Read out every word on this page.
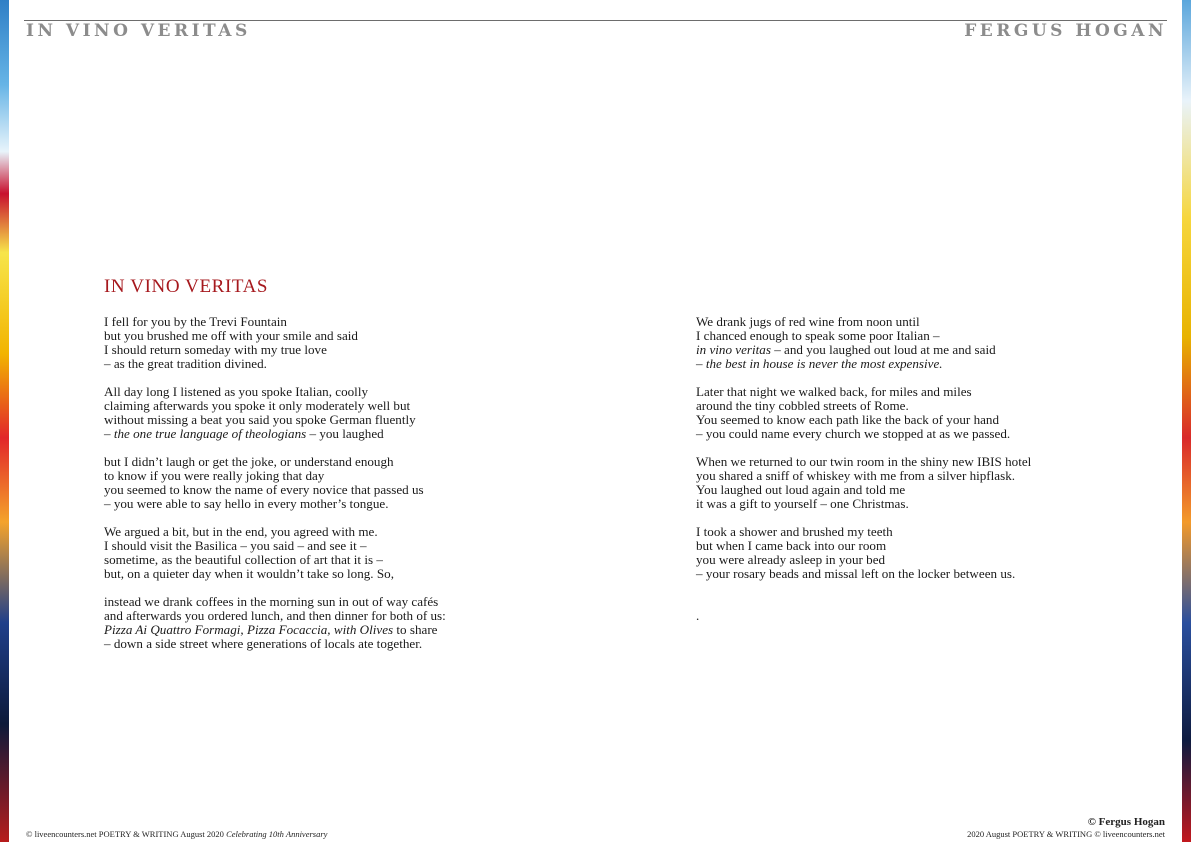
IN VINO VERITAS	FERGUS HOGAN
IN VINO VERITAS

I fell for you by the Trevi Fountain
but you brushed me off with your smile and said
I should return someday with my true love
– as the great tradition divined.

All day long I listened as you spoke Italian, coolly
claiming afterwards you spoke it only moderately well but
without missing a beat you said you spoke German fluently
– the one true language of theologians – you laughed

but I didn’t laugh or get the joke, or understand enough
to know if you were really joking that day
you seemed to know the name of every novice that passed us
– you were able to say hello in every mother’s tongue.

We argued a bit, but in the end, you agreed with me.
I should visit the Basilica – you said – and see it –
sometime, as the beautiful collection of art that it is –
but, on a quieter day when it wouldn’t take so long. So,

instead we drank coffees in the morning sun in out of way cafés
and afterwards you ordered lunch, and then dinner for both of us:
Pizza Ai Quattro Formagi, Pizza Focaccia, with Olives to share
– down a side street where generations of locals ate together.

We drank jugs of red wine from noon until
I chanced enough to speak some poor Italian –
in vino veritas – and you laughed out loud at me and said
– the best in house is never the most expensive.

Later that night we walked back, for miles and miles
around the tiny cobbled streets of Rome.
You seemed to know each path like the back of your hand
– you could name every church we stopped at as we passed.

When we returned to our twin room in the shiny new IBIS hotel
you shared a sniff of whiskey with me from a silver hipflask.
You laughed out loud again and told me
it was a gift to yourself – one Christmas.

I took a shower and brushed my teeth
but when I came back into our room
you were already asleep in your bed
– your rosary beads and missal left on the locker between us.

.

© liveencounters.net POETRY & WRITING August 2020 Celebrating 10th Anniversary
© Fergus Hogan
2020 August POETRY & WRITING © liveencounters.net
